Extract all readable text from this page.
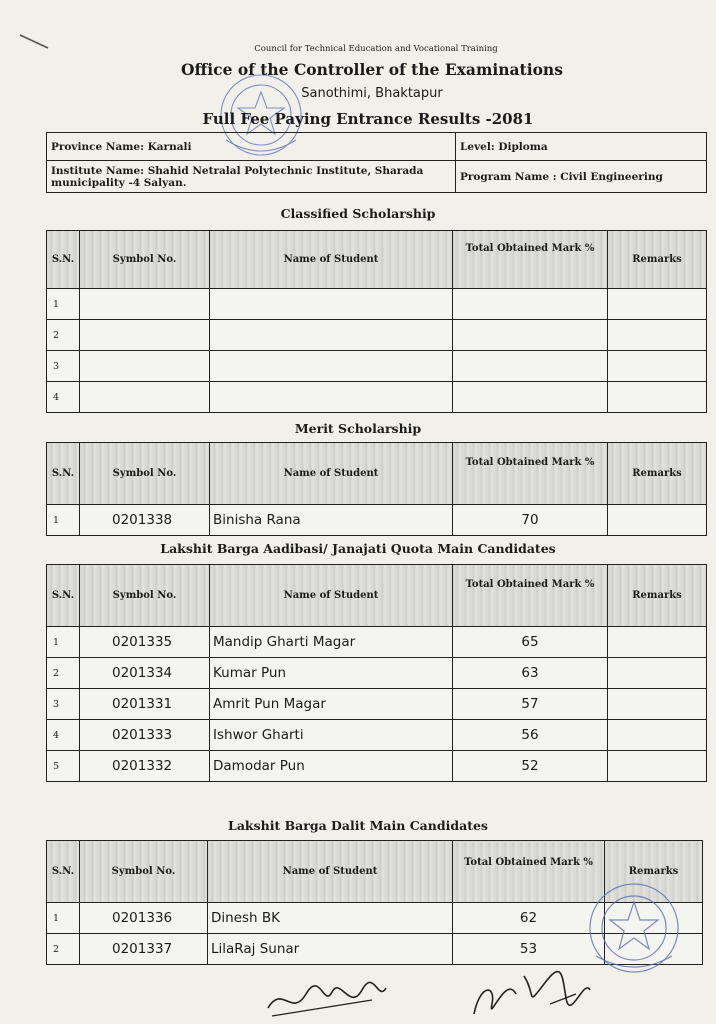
Council for Technical Education and Vocational Training
Office of the Controller of the Examinations
Sanothimi, Bhaktapur
Full Fee Paying Entrance Results -2081
Province Name: Karnali	Level: Diploma
Institute Name: Shahid Netralal Polytechnic Institute, Sharada municipality -4 Salyan.	Program Name : Civil Engineering
Classified Scholarship
S.N.	Symbol No.	Name of Student	Total Obtained Mark %	Remarks
1				
2				
3				
4				
Merit Scholarship
S.N.	Symbol No.	Name of Student	Total Obtained Mark %	Remarks
1	0201338	Binisha Rana	70	
Lakshit Barga Aadibasi/ Janajati Quota Main Candidates
S.N.	Symbol No.	Name of Student	Total Obtained Mark %	Remarks
1	0201335	Mandip Gharti Magar	65	
2	0201334	Kumar Pun	63	
3	0201331	Amrit Pun Magar	57	
4	0201333	Ishwor Gharti	56	
5	0201332	Damodar Pun	52	
Lakshit Barga Dalit Main Candidates
S.N.	Symbol No.	Name of Student	Total Obtained Mark %	Remarks
1	0201336	Dinesh BK	62	
2	0201337	LilaRaj Sunar	53	
